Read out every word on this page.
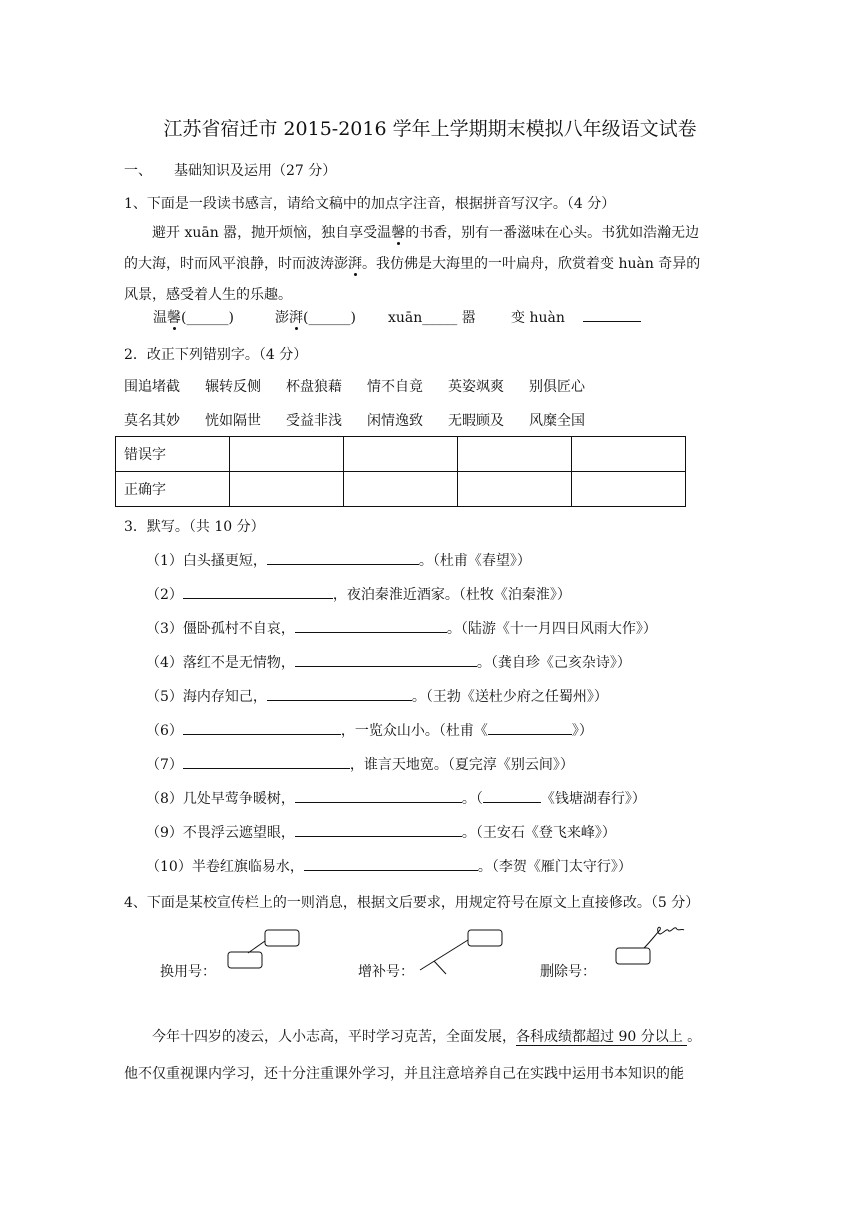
江苏省宿迁市 2015-2016 学年上学期期末模拟八年级语文试卷
一、 基础知识及运用（27 分）
1、下面是一段读书感言，请给文稿中的加点字注音，根据拼音写汉字。（4 分）
避开 xuān 嚣，抛开烦恼，独自享受温馨的书香，别有一番滋味在心头。书犹如浩瀚无边
的大海，时而风平浪静，时而波涛澎湃。我仿佛是大海里的一叶扁舟，欣赏着变 huàn 奇异的
风景，感受着人生的乐趣。
温馨(______)	澎湃(______) xuān_____ 嚣	变 huàn
2．改正下列错别字。（4 分）
围追堵截 辗转反侧 杯盘狼藉 情不自竟 英姿飒爽 别俱匠心
莫名其妙 恍如隔世 受益非浅 闲情逸致 无暇顾及 风糜全国
错误字				
正确字				
3．默写。（共 10 分）
（1）白头搔更短，	。（杜甫《春望》）
（2）	，夜泊秦淮近酒家。（杜牧《泊秦淮》）
（3）僵卧孤村不自哀，	。（陆游《十一月四日风雨大作》）
（4）落红不是无情物，	。（龚自珍《己亥杂诗》）
（5）海内存知己，	。（王勃《送杜少府之任蜀州》）
（6）	，一览众山小。（杜甫《	》）
（7）	，谁言天地宽。（夏完淳《别云间》）
（8）几处早莺争暖树，	。（	《钱塘湖春行》）
（9）不畏浮云遮望眼，	。（王安石《登飞来峰》）
（10）半卷红旗临易水，	。（李贺《雁门太守行》）
4、下面是某校宣传栏上的一则消息，根据文后要求，用规定符号在原文上直接修改。（5 分）
换用号：	增补号：	删除号：
今年十四岁的凌云，人小志高，平时学习克苦，全面发展，各科成绩都超过 90 分以上 。
他不仅重视课内学习，还十分注重课外学习，并且注意培养自己在实践中运用书本知识的能
